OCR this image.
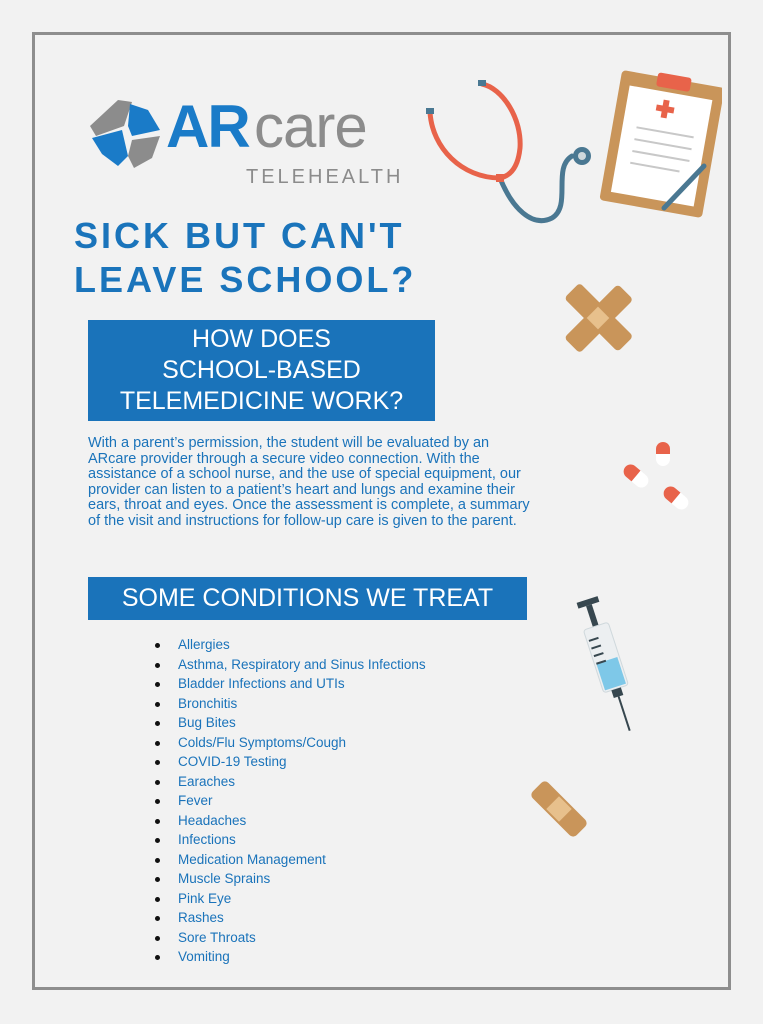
AR care
TELEHEALTH
SICK BUT CAN'T
LEAVE SCHOOL?
HOW DOES
SCHOOL-BASED
TELEMEDICINE WORK?
With a parent’s permission, the student will be evaluated by an ARcare provider through a secure video connection. With the assistance of a school nurse, and the use of special equipment, our provider can listen to a patient’s heart and lungs and examine their ears, throat and eyes. Once the assessment is complete, a summary of the visit and instructions for follow-up care is given to the parent.
SOME CONDITIONS WE TREAT
Allergies
Asthma, Respiratory and Sinus Infections
Bladder Infections and UTIs
Bronchitis
Bug Bites
Colds/Flu Symptoms/Cough
COVID-19 Testing
Earaches
Fever
Headaches
Infections
Medication Management
Muscle Sprains
Pink Eye
Rashes
Sore Throats
Vomiting
